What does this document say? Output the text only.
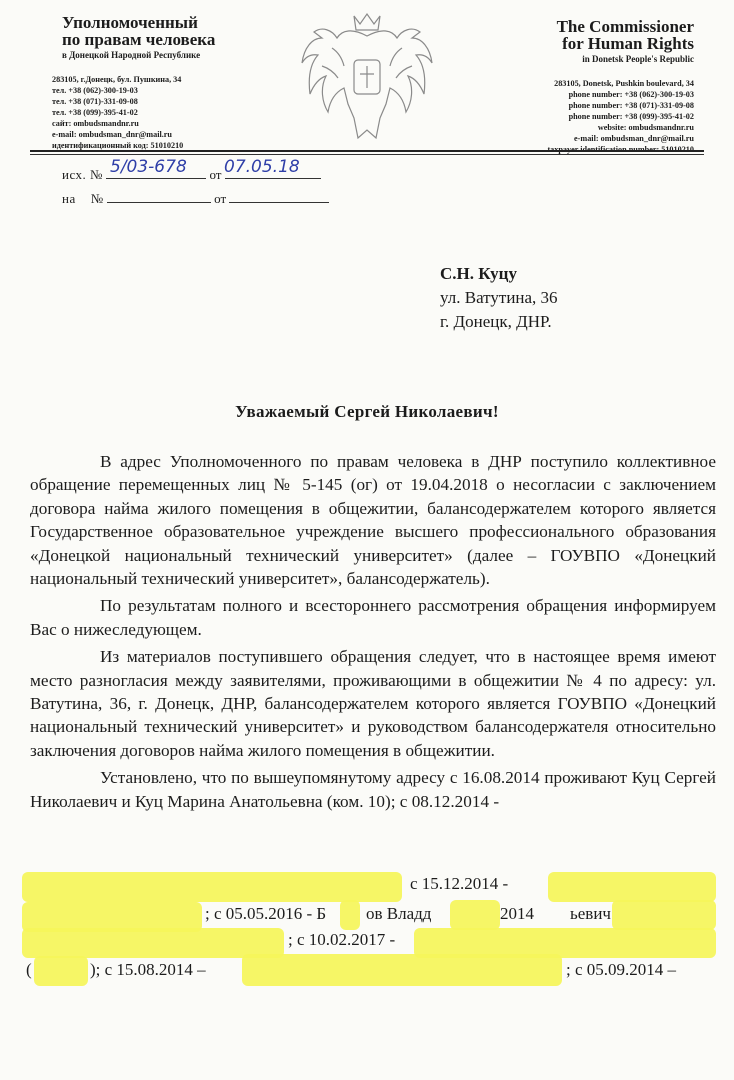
Уполномоченный
по правам человека
в Донецкой Народной Республике
283105, г.Донецк, бул. Пушкина, 34
тел. +38 (062)-300-19-03
тел. +38 (071)-331-09-08
тел. +38 (099)-395-41-02
сайт: ombudsmandnr.ru
e-mail: ombudsman_dnr@mail.ru
идентификационный код: 51010210
The Commissioner
for Human Rights
in Donetsk People's Republic
283105, Donetsk, Pushkin boulevard, 34
phone number: +38 (062)-300-19-03
phone number: +38 (071)-331-09-08
phone number: +38 (099)-395-41-02
website: ombudsmandnr.ru
e-mail: ombudsman_dnr@mail.ru
taxpayer identification number: 51010210
исх. №	от
5/03-678 07.05.18
на    №	от
С.Н. Куцу
ул. Ватутина, 36
г. Донецк, ДНР.
Уважаемый Сергей Николаевич!

В адрес Уполномоченного по правам человека в ДНР поступило коллективное обращение перемещенных лиц № 5-145 (ог) от 19.04.2018 о несогласии с заключением договора найма жилого помещения в общежитии, балансодержателем которого является Государственное образовательное учреждение высшего профессионального образования «Донецкой национальный технический университет» (далее – ГОУВПО «Донецкий национальный технический университет», балансодержатель).

По результатам полного и всестороннего рассмотрения обращения информируем Вас о нижеследующем.

Из материалов поступившего обращения следует, что в настоящее время имеют место разногласия между заявителями, проживающими в общежитии № 4 по адресу: ул. Ватутина, 36, г. Донецк, ДНР, балансодержателем которого является ГОУВПО «Донецкий национальный технический университет» и руководством балансодержателя относительно заключения договоров найма жилого помещения в общежитии.

Установлено, что по вышеупомянутому адресу с 16.08.2014 проживают Куц Сергей Николаевич и Куц Марина Анатольевна (ком. 10); с 08.12.2014 -

с 15.12.2014 -
; с 05.05.2016 - Б ов Владд	2014 ьевич
; с 10.02.2017 -
(	); с 15.08.2014 –	; с 05.09.2014 –
